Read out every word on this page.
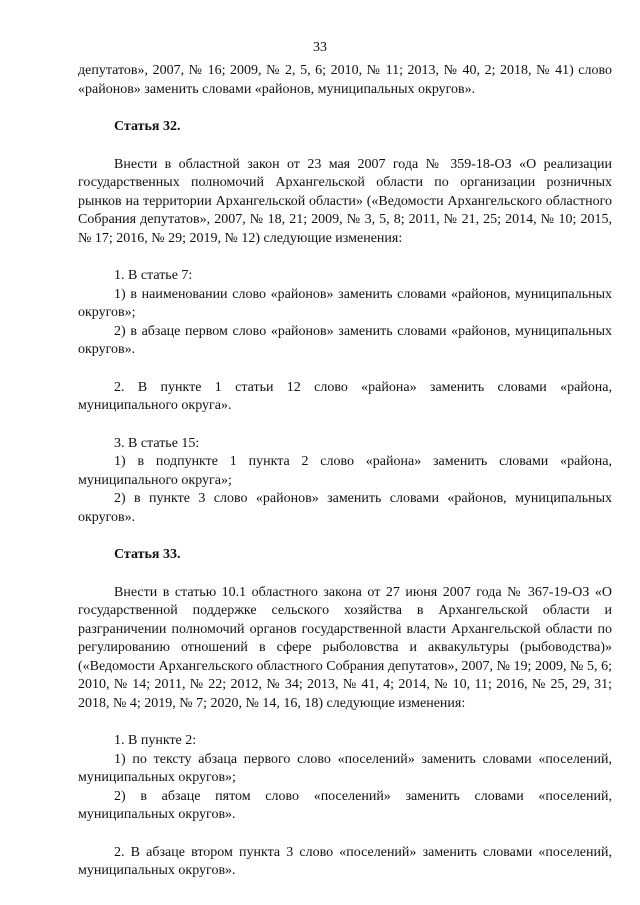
33

депутатов», 2007, № 16; 2009, № 2, 5, 6; 2010, № 11; 2013, № 40, 2; 2018, № 41) слово «районов» заменить словами «районов, муниципальных округов».

Статья 32.

Внести в областной закон от 23 мая 2007 года № 359-18-ОЗ «О реализации государственных полномочий Архангельской области по организации розничных рынков на территории Архангельской области» («Ведомости Архангельского областного Собрания депутатов», 2007, № 18, 21; 2009, № 3, 5, 8; 2011, № 21, 25; 2014, № 10; 2015, № 17; 2016, № 29; 2019, № 12) следующие изменения:

1. В статье 7:

1) в наименовании слово «районов» заменить словами «районов, муниципальных округов»;

2) в абзаце первом слово «районов» заменить словами «районов, муниципальных округов».

2. В пункте 1 статьи 12 слово «района» заменить словами «района, муниципального округа».

3. В статье 15:

1) в подпункте 1 пункта 2 слово «района» заменить словами «района, муниципального округа»;

2) в пункте 3 слово «районов» заменить словами «районов, муниципальных округов».

Статья 33.

Внести в статью 10.1 областного закона от 27 июня 2007 года № 367-19-ОЗ «О государственной поддержке сельского хозяйства в Архангельской области и разграничении полномочий органов государственной власти Архангельской области по регулированию отношений в сфере рыболовства и аквакультуры (рыбоводства)» («Ведомости Архангельского областного Собрания депутатов», 2007, № 19; 2009, № 5, 6; 2010, № 14; 2011, № 22; 2012, № 34; 2013, № 41, 4; 2014, № 10, 11; 2016, № 25, 29, 31; 2018, № 4; 2019, № 7; 2020, № 14, 16, 18) следующие изменения:

1. В пункте 2:

1) по тексту абзаца первого слово «поселений» заменить словами «поселений, муниципальных округов»;

2) в абзаце пятом слово «поселений» заменить словами «поселений, муниципальных округов».

2. В абзаце втором пункта 3 слово «поселений» заменить словами «поселений, муниципальных округов».
